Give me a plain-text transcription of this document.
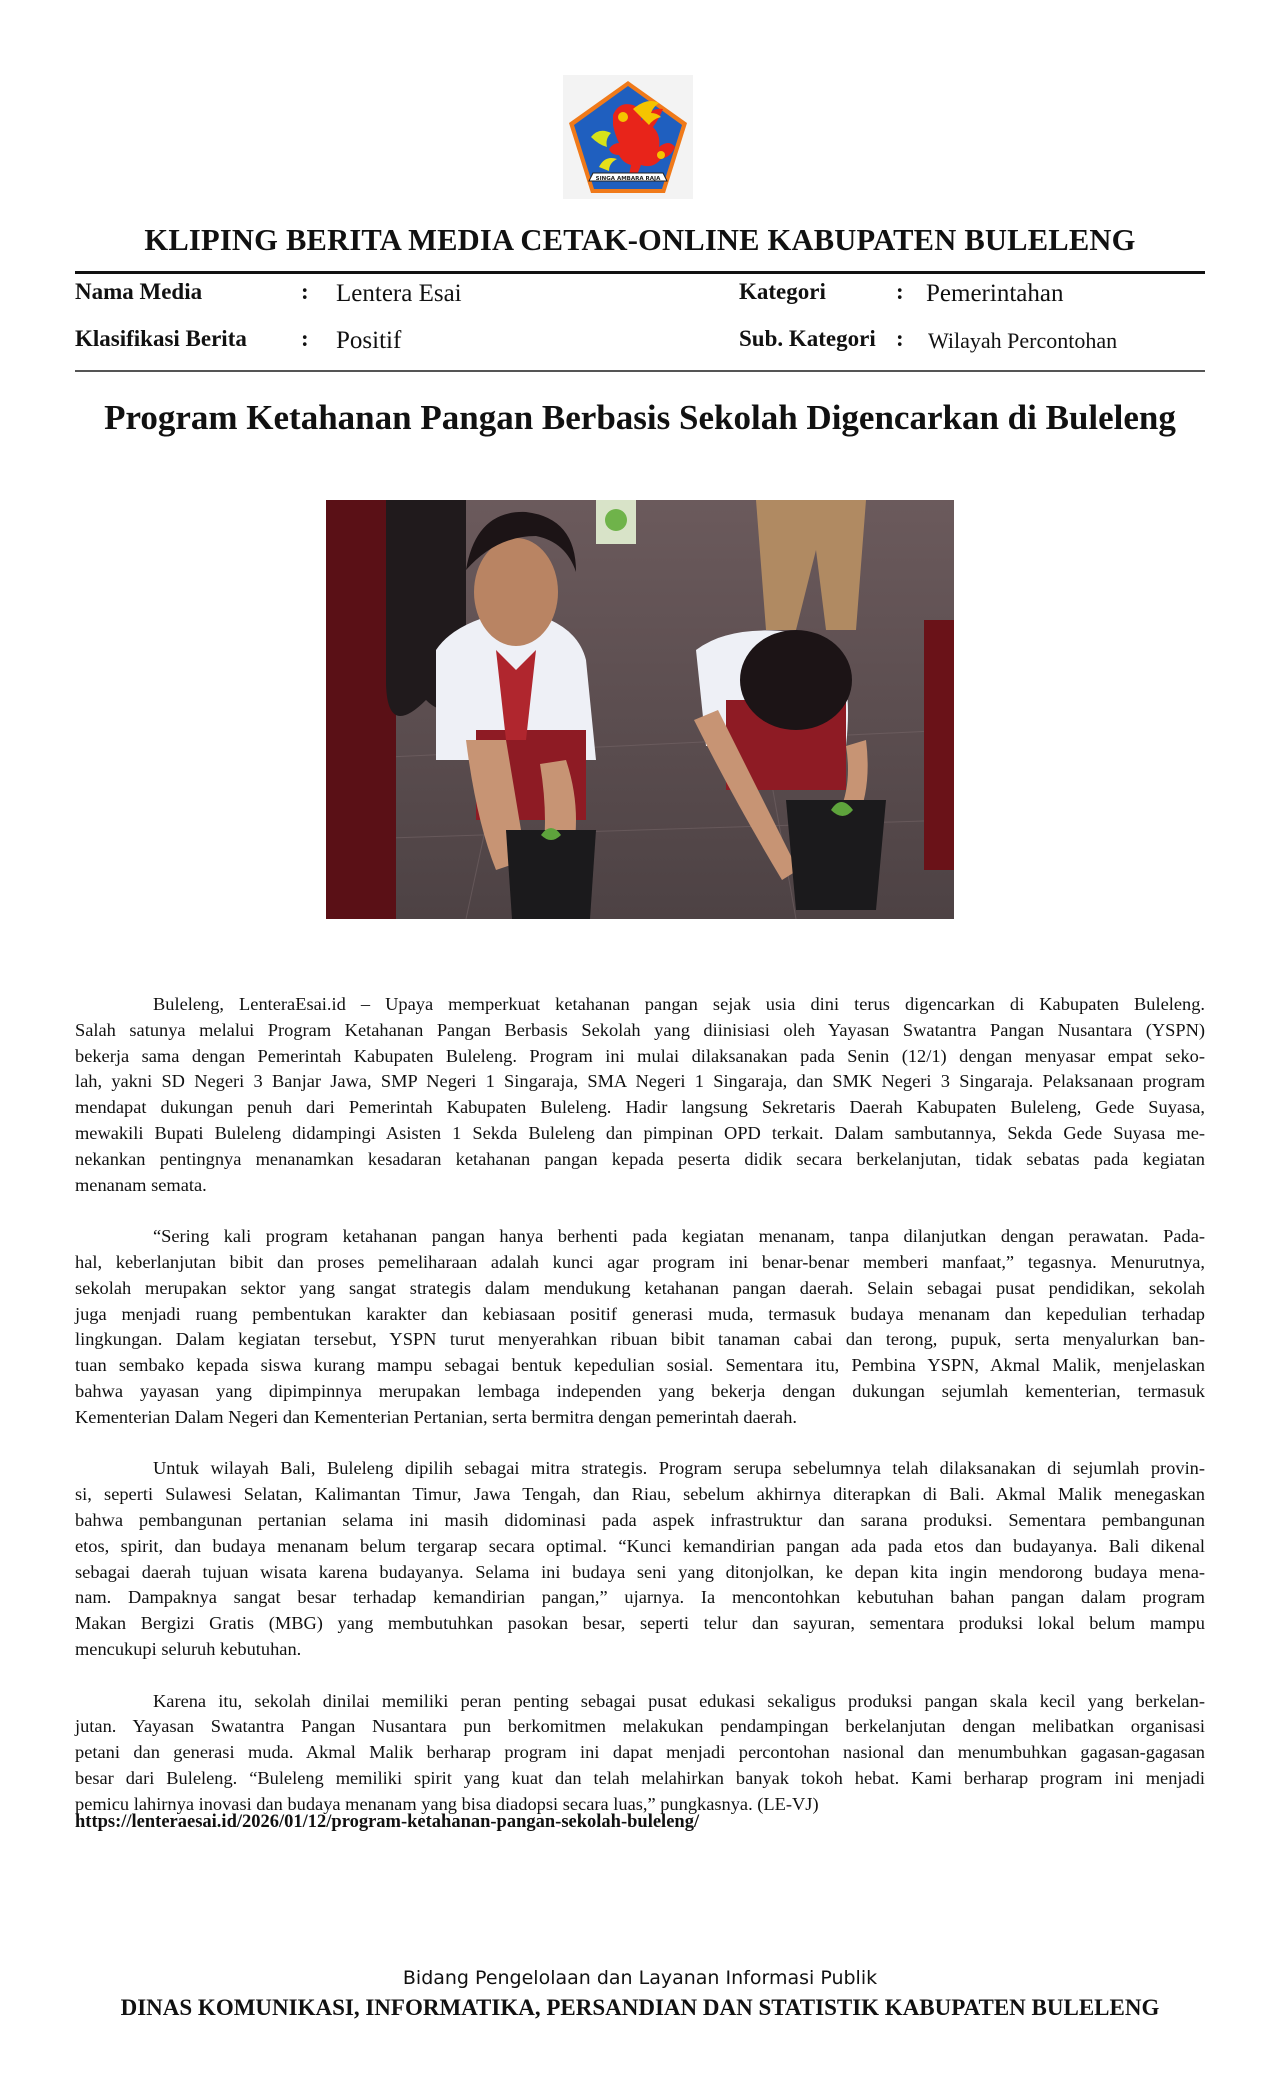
SINGA AMBARA RAJA
KLIPING BERITA MEDIA CETAK-ONLINE KABUPATEN BULELENG
Nama Media	: Lentera Esai
Klasifikasi Berita : Positif
Kategori	: Pemerintahan
Sub. Kategori : Wilayah Percontohan
Program Ketahanan Pangan Berbasis Sekolah Digencarkan di Buleleng
Buleleng, LenteraEsai.id – Upaya memperkuat ketahanan pangan sejak usia dini terus digencarkan di Kabupaten Buleleng.
Salah satunya melalui Program Ketahanan Pangan Berbasis Sekolah yang diinisiasi oleh Yayasan Swatantra Pangan Nusantara (YSPN)
bekerja sama dengan Pemerintah Kabupaten Buleleng. Program ini mulai dilaksanakan pada Senin (12/1) dengan menyasar empat seko-
lah, yakni SD Negeri 3 Banjar Jawa, SMP Negeri 1 Singaraja, SMA Negeri 1 Singaraja, dan SMK Negeri 3 Singaraja. Pelaksanaan program
mendapat dukungan penuh dari Pemerintah Kabupaten Buleleng. Hadir langsung Sekretaris Daerah Kabupaten Buleleng, Gede Suyasa,
mewakili Bupati Buleleng didampingi Asisten 1 Sekda Buleleng dan pimpinan OPD terkait. Dalam sambutannya, Sekda Gede Suyasa me-
nekankan pentingnya menanamkan kesadaran ketahanan pangan kepada peserta didik secara berkelanjutan, tidak sebatas pada kegiatan
menanam semata.
“Sering kali program ketahanan pangan hanya berhenti pada kegiatan menanam, tanpa dilanjutkan dengan perawatan. Pada-
hal, keberlanjutan bibit dan proses pemeliharaan adalah kunci agar program ini benar-benar memberi manfaat,” tegasnya. Menurutnya,
sekolah merupakan sektor yang sangat strategis dalam mendukung ketahanan pangan daerah. Selain sebagai pusat pendidikan, sekolah
juga menjadi ruang pembentukan karakter dan kebiasaan positif generasi muda, termasuk budaya menanam dan kepedulian terhadap
lingkungan. Dalam kegiatan tersebut, YSPN turut menyerahkan ribuan bibit tanaman cabai dan terong, pupuk, serta menyalurkan ban-
tuan sembako kepada siswa kurang mampu sebagai bentuk kepedulian sosial. Sementara itu, Pembina YSPN, Akmal Malik, menjelaskan
bahwa yayasan yang dipimpinnya merupakan lembaga independen yang bekerja dengan dukungan sejumlah kementerian, termasuk
Kementerian Dalam Negeri dan Kementerian Pertanian, serta bermitra dengan pemerintah daerah.
Untuk wilayah Bali, Buleleng dipilih sebagai mitra strategis. Program serupa sebelumnya telah dilaksanakan di sejumlah provin-
si, seperti Sulawesi Selatan, Kalimantan Timur, Jawa Tengah, dan Riau, sebelum akhirnya diterapkan di Bali. Akmal Malik menegaskan
bahwa pembangunan pertanian selama ini masih didominasi pada aspek infrastruktur dan sarana produksi. Sementara pembangunan
etos, spirit, dan budaya menanam belum tergarap secara optimal. “Kunci kemandirian pangan ada pada etos dan budayanya. Bali dikenal
sebagai daerah tujuan wisata karena budayanya. Selama ini budaya seni yang ditonjolkan, ke depan kita ingin mendorong budaya mena-
nam. Dampaknya sangat besar terhadap kemandirian pangan,” ujarnya. Ia mencontohkan kebutuhan bahan pangan dalam program
Makan Bergizi Gratis (MBG) yang membutuhkan pasokan besar, seperti telur dan sayuran, sementara produksi lokal belum mampu
mencukupi seluruh kebutuhan.
Karena itu, sekolah dinilai memiliki peran penting sebagai pusat edukasi sekaligus produksi pangan skala kecil yang berkelan-
jutan. Yayasan Swatantra Pangan Nusantara pun berkomitmen melakukan pendampingan berkelanjutan dengan melibatkan organisasi
petani dan generasi muda. Akmal Malik berharap program ini dapat menjadi percontohan nasional dan menumbuhkan gagasan-gagasan
besar dari Buleleng. “Buleleng memiliki spirit yang kuat dan telah melahirkan banyak tokoh hebat. Kami berharap program ini menjadi
pemicu lahirnya inovasi dan budaya menanam yang bisa diadopsi secara luas,” pungkasnya. (LE-VJ)
https://lenteraesai.id/2026/01/12/program-ketahanan-pangan-sekolah-buleleng/
Bidang Pengelolaan dan Layanan Informasi Publik
DINAS KOMUNIKASI, INFORMATIKA, PERSANDIAN DAN STATISTIK KABUPATEN BULELENG
